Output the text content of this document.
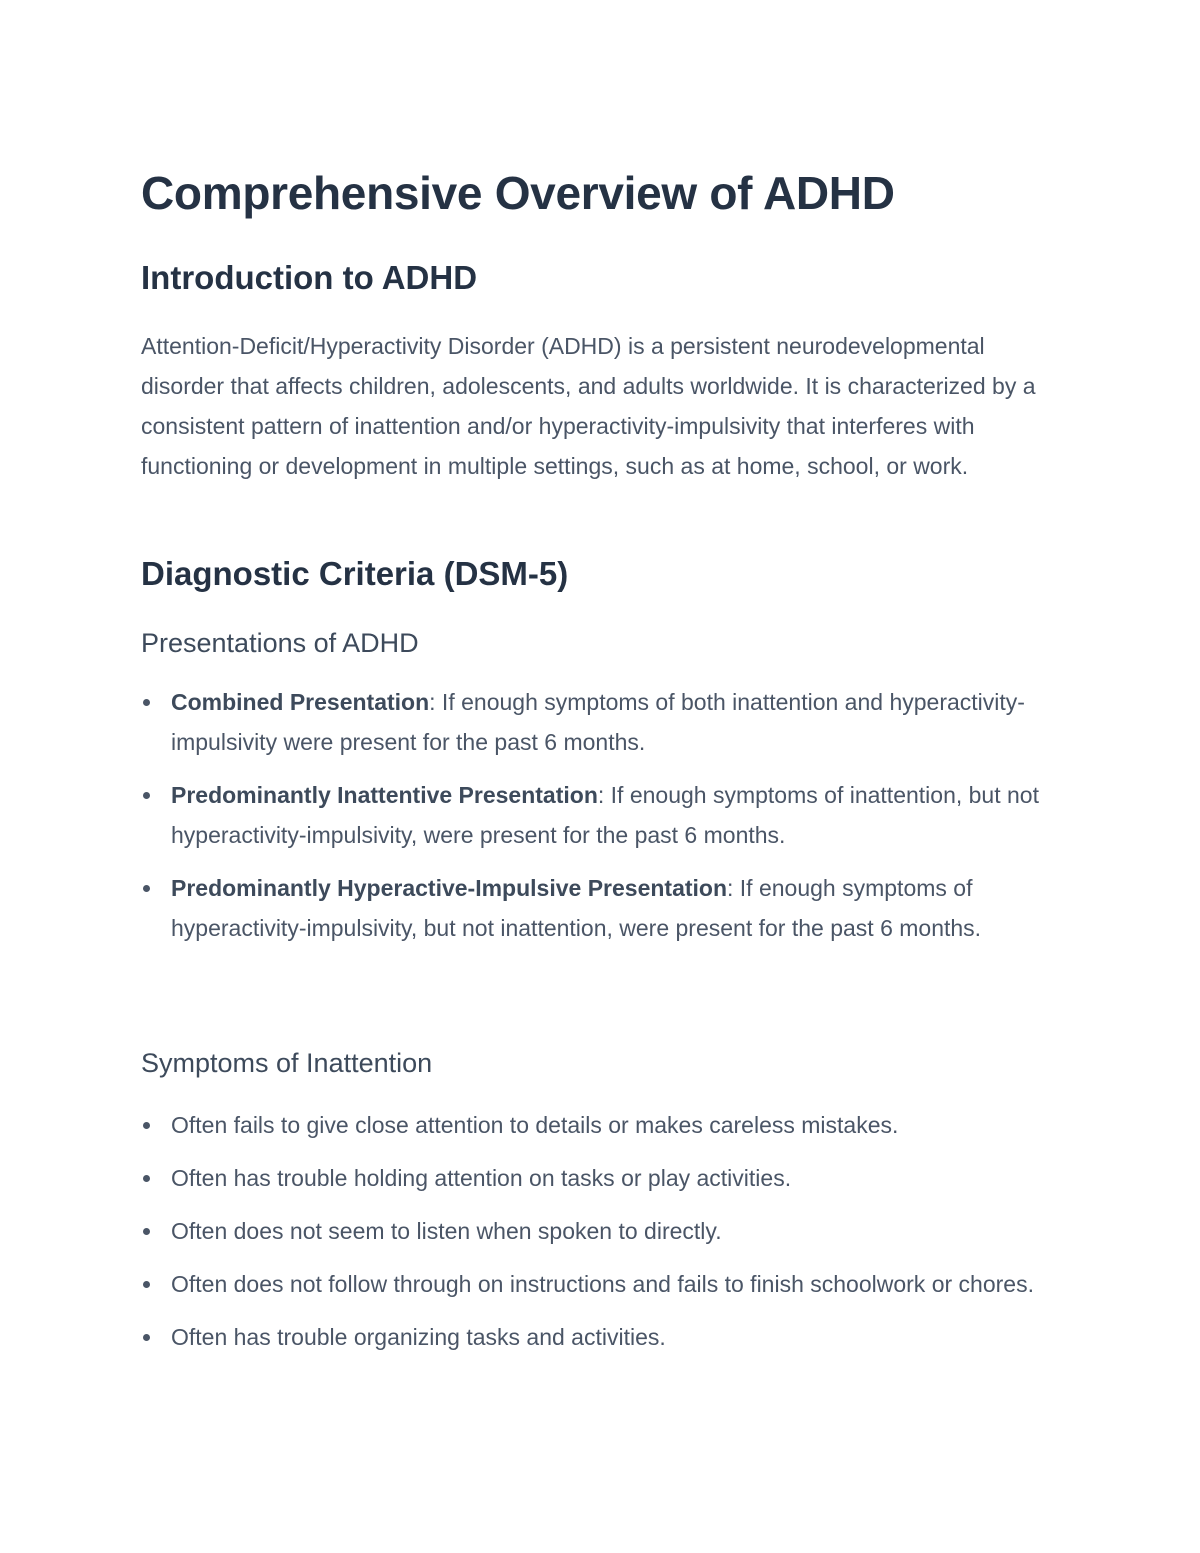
Comprehensive Overview of ADHD
Introduction to ADHD

Attention-Deficit/Hyperactivity Disorder (ADHD) is a persistent neurodevelopmental disorder that affects children, adolescents, and adults worldwide. It is characterized by a consistent pattern of inattention and/or hyperactivity-impulsivity that interferes with functioning or development in multiple settings, such as at home, school, or work.

Diagnostic Criteria (DSM-5)
Presentations of ADHD
Combined Presentation: If enough symptoms of both inattention and hyperactivity-impulsivity were present for the past 6 months.
Predominantly Inattentive Presentation: If enough symptoms of inattention, but not hyperactivity-impulsivity, were present for the past 6 months.
Predominantly Hyperactive-Impulsive Presentation: If enough symptoms of hyperactivity-impulsivity, but not inattention, were present for the past 6 months.
Symptoms of Inattention
Often fails to give close attention to details or makes careless mistakes.
Often has trouble holding attention on tasks or play activities.
Often does not seem to listen when spoken to directly.
Often does not follow through on instructions and fails to finish schoolwork or chores.
Often has trouble organizing tasks and activities.
